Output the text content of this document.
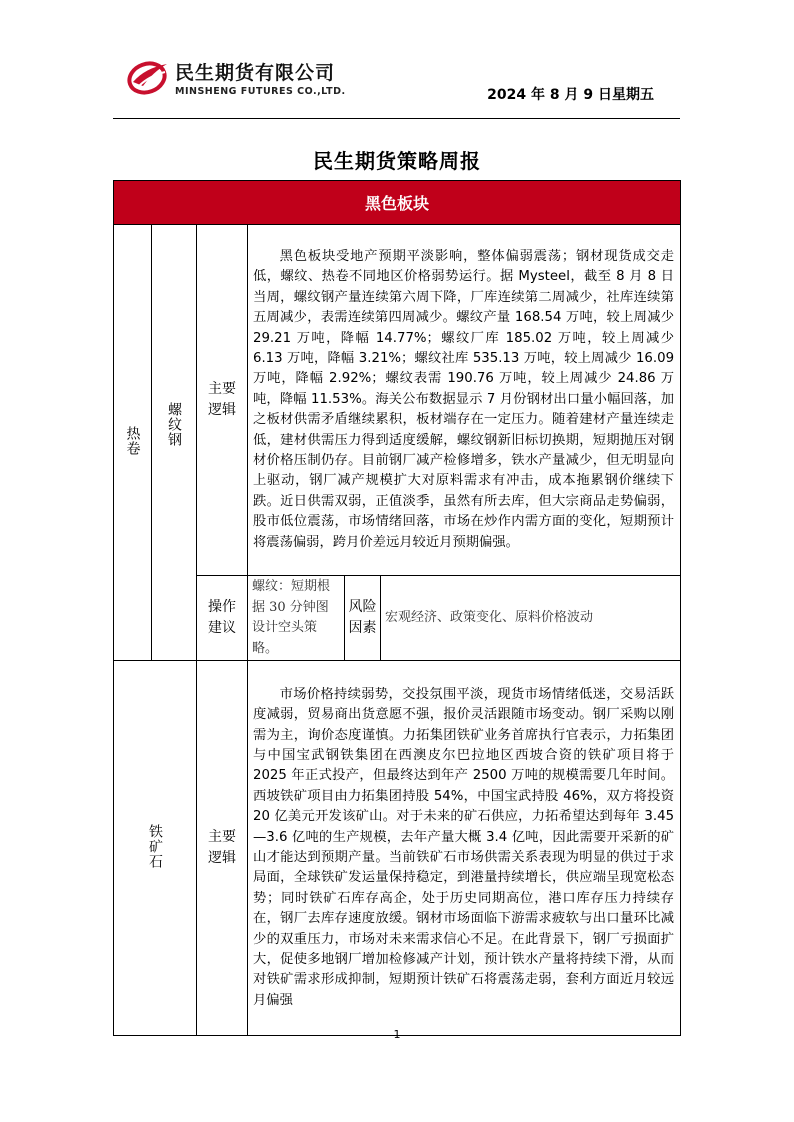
民生期货有限公司
MINSHENG FUTURES CO.,LTD.	2024 年 8 月 9 日星期五
民生期货策略周报
黑色板块					
热卷	螺纹钢	主要逻辑	黑色板块受地产预期平淡影响，整体偏弱震荡；钢材现货成交走低，螺纹、热卷不同地区价格弱势运行。据 Mysteel，截至 8 月 8 日当周，螺纹钢产量连续第六周下降，厂库连续第二周减少，社库连续第五周减少，表需连续第四周减少。螺纹产量 168.54 万吨，较上周减少 29.21 万吨，降幅 14.77%；螺纹厂库 185.02 万吨，较上周减少 6.13 万吨，降幅 3.21%；螺纹社库 535.13 万吨，较上周减少 16.09 万吨，降幅 2.92%；螺纹表需 190.76 万吨，较上周减少 24.86 万吨，降幅 11.53%。海关公布数据显示 7 月份钢材出口量小幅回落，加之板材供需矛盾继续累积，板材端存在一定压力。随着建材产量连续走低，建材供需压力得到适度缓解，螺纹钢新旧标切换期，短期抛压对钢材价格压制仍存。目前钢厂减产检修增多，铁水产量减少，但无明显向上驱动，钢厂减产规模扩大对原料需求有冲击，成本拖累钢价继续下跌。近日供需双弱，正值淡季，虽然有所去库，但大宗商品走势偏弱，股市低位震荡，市场情绪回落，市场在炒作内需方面的变化，短期预计将震荡偏弱，跨月价差远月较近月预期偏强。		

		操作建议	螺纹：短期根据 30 分钟图设计空头策略。	风险因素	宏观经济、政策变化、原料价格波动
铁矿石		主要逻辑	市场价格持续弱势，交投氛围平淡，现货市场情绪低迷，交易活跃度减弱，贸易商出货意愿不强，报价灵活跟随市场变动。钢厂采购以刚需为主，询价态度谨慎。力拓集团铁矿业务首席执行官表示，力拓集团与中国宝武钢铁集团在西澳皮尔巴拉地区西坡合资的铁矿项目将于 2025 年正式投产，但最终达到年产 2500 万吨的规模需要几年时间。西坡铁矿项目由力拓集团持股 54%，中国宝武持股 46%，双方将投资 20 亿美元开发该矿山。对于未来的矿石供应，力拓希望达到每年 3.45—3.6 亿吨的生产规模，去年产量大概 3.4 亿吨，因此需要开采新的矿山才能达到预期产量。当前铁矿石市场供需关系表现为明显的供过于求局面，全球铁矿发运量保持稳定，到港量持续增长，供应端呈现宽松态势；同时铁矿石库存高企，处于历史同期高位，港口库存压力持续存在，钢厂去库存速度放缓。钢材市场面临下游需求疲软与出口量环比减少的双重压力，市场对未来需求信心不足。在此背景下，钢厂亏损面扩大，促使多地钢厂增加检修减产计划，预计铁水产量将持续下滑，从而对铁矿需求形成抑制，短期预计铁矿石将震荡走弱，套利方面近月较远月偏强		

1
